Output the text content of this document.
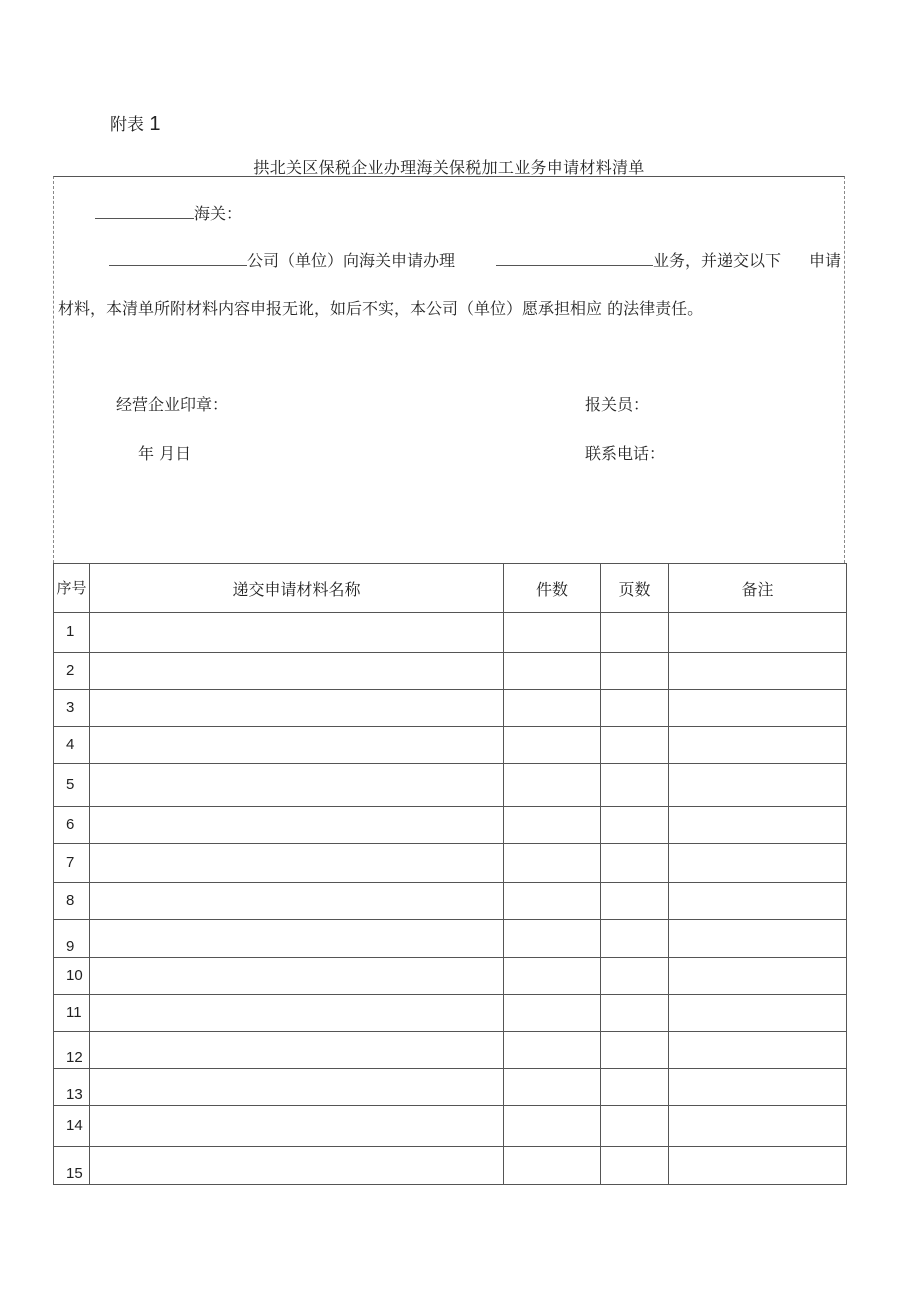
附表 1
拱北关区保税企业办理海关保税加工业务申请材料清单
海关：
公司（单位）向海关申请办理	业务，并递交以下 申请
材料，本清单所附材料内容申报无讹，如后不实，本公司（单位）愿承担相应 的法律责任。
经营企业印章：	报关员：
年 月日	联系电话：
序号	递交申请材料名称	件数	页数	备注
1				
2				
3				
4				
5				
6				
7				
8				
9				
10				
11				
12				
13				
14				
15				
